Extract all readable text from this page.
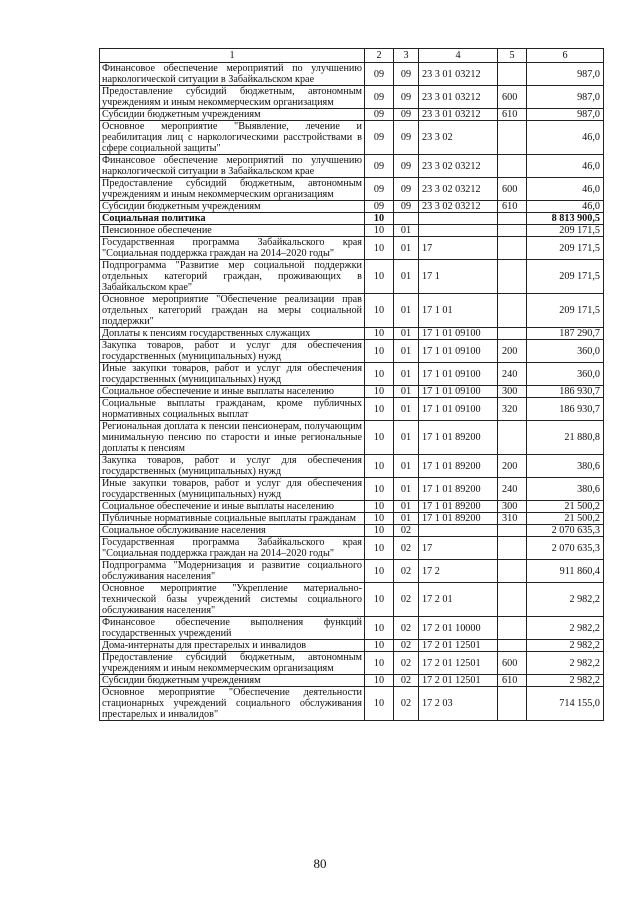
1	2	3	4	5	6
Финансовое обеспечение мероприятий по улучшению наркологической ситуации в Забайкальском крае	09	09	23 3 01 03212		987,0
Предоставление субсидий бюджетным, автономным учреждениям и иным некоммерческим организациям	09	09	23 3 01 03212	600	987,0
Субсидии бюджетным учреждениям	09	09	23 3 01 03212	610	987,0
Основное мероприятие "Выявление, лечение и реабилитация лиц с наркологическими расстройствами в сфере социальной защиты"	09	09	23 3 02		46,0
Финансовое обеспечение мероприятий по улучшению наркологической ситуации в Забайкальском крае	09	09	23 3 02 03212		46,0
Предоставление субсидий бюджетным, автономным учреждениям и иным некоммерческим организациям	09	09	23 3 02 03212	600	46,0
Субсидии бюджетным учреждениям	09	09	23 3 02 03212	610	46,0
Социальная политика	10				8 813 900,5
Пенсионное обеспечение	10	01			209 171,5
Государственная программа Забайкальского края "Социальная поддержка граждан на 2014–2020 годы"	10	01	17		209 171,5
Подпрограмма "Развитие мер социальной поддержки отдельных категорий граждан, проживающих в Забайкальском крае"	10	01	17 1		209 171,5
Основное мероприятие "Обеспечение реализации прав отдельных категорий граждан на меры социальной поддержки"	10	01	17 1 01		209 171,5
Доплаты к пенсиям государственных служащих	10	01	17 1 01 09100		187 290,7
Закупка товаров, работ и услуг для обеспечения государственных (муниципальных) нужд	10	01	17 1 01 09100	200	360,0
Иные закупки товаров, работ и услуг для обеспечения государственных (муниципальных) нужд	10	01	17 1 01 09100	240	360,0
Социальное обеспечение и иные выплаты населению	10	01	17 1 01 09100	300	186 930,7
Социальные выплаты гражданам, кроме публичных нормативных социальных выплат	10	01	17 1 01 09100	320	186 930,7
Региональная доплата к пенсии пенсионерам, получающим минимальную пенсию по старости и иные региональные доплаты к пенсиям	10	01	17 1 01 89200		21 880,8
Закупка товаров, работ и услуг для обеспечения государственных (муниципальных) нужд	10	01	17 1 01 89200	200	380,6
Иные закупки товаров, работ и услуг для обеспечения государственных (муниципальных) нужд	10	01	17 1 01 89200	240	380,6
Социальное обеспечение и иные выплаты населению	10	01	17 1 01 89200	300	21 500,2
Публичные нормативные социальные выплаты гражданам	10	01	17 1 01 89200	310	21 500,2
Социальное обслуживание населения	10	02			2 070 635,3
Государственная программа Забайкальского края "Социальная поддержка граждан на 2014–2020 годы"	10	02	17		2 070 635,3
Подпрограмма "Модернизация и развитие социального обслуживания населения"	10	02	17 2		911 860,4
Основное мероприятие "Укрепление материально-технической базы учреждений системы социального обслуживания населения"	10	02	17 2 01		2 982,2
Финансовое обеспечение выполнения функций государственных учреждений	10	02	17 2 01 10000		2 982,2
Дома-интернаты для престарелых и инвалидов	10	02	17 2 01 12501		2 982,2
Предоставление субсидий бюджетным, автономным учреждениям и иным некоммерческим организациям	10	02	17 2 01 12501	600	2 982,2
Субсидии бюджетным учреждениям	10	02	17 2 01 12501	610	2 982,2
Основное мероприятие "Обеспечение деятельности стационарных учреждений социального обслуживания престарелых и инвалидов"	10	02	17 2 03		714 155,0
80
